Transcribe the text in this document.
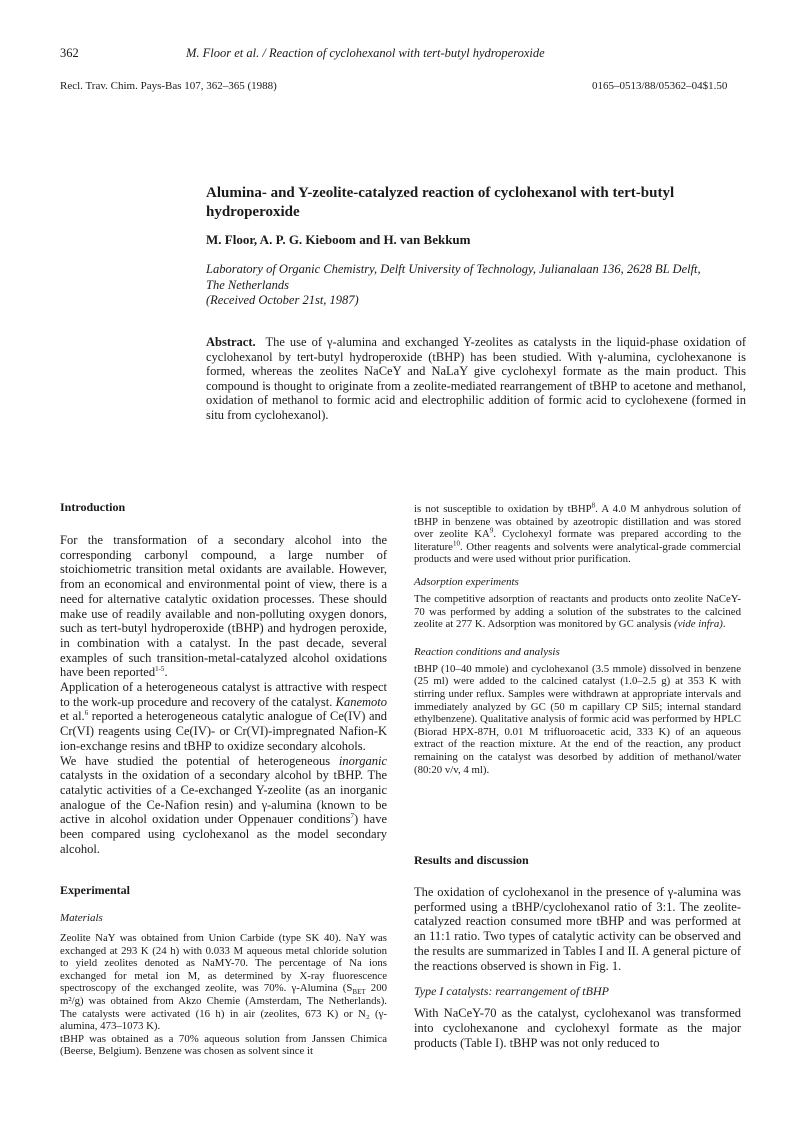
362	M. Floor et al. / Reaction of cyclohexanol with tert-butyl hydroperoxide
Recl. Trav. Chim. Pays-Bas 107, 362–365 (1988)	0165–0513/88/05362–04$1.50
Alumina- and Y-zeolite-catalyzed reaction of cyclohexanol with tert-butyl hydroperoxide
M. Floor, A. P. G. Kieboom and H. van Bekkum
Laboratory of Organic Chemistry, Delft University of Technology, Julianalaan 136, 2628 BL Delft,
The Netherlands
(Received October 21st, 1987)
Abstract. The use of γ-alumina and exchanged Y-zeolites as catalysts in the liquid-phase oxidation of cyclohexanol by tert-butyl hydroperoxide (tBHP) has been studied. With γ-alumina, cyclohexanone is formed, whereas the zeolites NaCeY and NaLaY give cyclohexyl formate as the main product. This compound is thought to originate from a zeolite-mediated rearrangement of tBHP to acetone and methanol, oxidation of methanol to formic acid and electrophilic addition of formic acid to cyclohexene (formed in situ from cyclohexanol).
Introduction

For the transformation of a secondary alcohol into the corresponding carbonyl compound, a large number of stoichiometric transition metal oxidants are available. However, from an economical and environmental point of view, there is a need for alternative catalytic oxidation processes. These should make use of readily available and non-polluting oxygen donors, such as tert-butyl hydroperoxide (tBHP) and hydrogen peroxide, in combination with a catalyst. In the past decade, several examples of such transition-metal-catalyzed alcohol oxidations have been reported$^{1-5}$.

Application of a heterogeneous catalyst is attractive with respect to the work-up procedure and recovery of the catalyst. Kanemoto et al.$^6$ reported a heterogeneous catalytic analogue of Ce(IV) and Cr(VI) reagents using Ce(IV)- or Cr(VI)-impregnated Nafion-K ion-exchange resins and tBHP to oxidize secondary alcohols.

We have studied the potential of heterogeneous inorganic catalysts in the oxidation of a secondary alcohol by tBHP. The catalytic activities of a Ce-exchanged Y-zeolite (as an inorganic analogue of the Ce-Nafion resin) and γ-alumina (known to be active in alcohol oxidation under Oppenauer conditions$^7$) have been compared using cyclohexanol as the model secondary alcohol.

Experimental
Materials

Zeolite NaY was obtained from Union Carbide (type SK 40). NaY was exchanged at 293 K (24 h) with 0.033 M aqueous metal chloride solution to yield zeolites denoted as NaMY-70. The percentage of Na ions exchanged for metal ion M, as determined by X-ray fluorescence spectroscopy of the exchanged zeolite, was 70%. γ-Alumina ($S_{BET}$ 200 m²/g) was obtained from Akzo Chemie (Amsterdam, The Netherlands). The catalysts were activated (16 h) in air (zeolites, 673 K) or N₂ (γ-alumina, 473–1073 K).

tBHP was obtained as a 70% aqueous solution from Janssen Chimica (Beerse, Belgium). Benzene was chosen as solvent since it

is not susceptible to oxidation by tBHP$^8$. A 4.0 M anhydrous solution of tBHP in benzene was obtained by azeotropic distillation and was stored over zeolite $KA^9$. Cyclohexyl formate was prepared according to the literature$^{10}$. Other reagents and solvents were analytical-grade commercial products and were used without prior purification.

Adsorption experiments

The competitive adsorption of reactants and products onto zeolite NaCeY-70 was performed by adding a solution of the substrates to the calcined zeolite at 277 K. Adsorption was monitored by GC analysis (vide infra).

Reaction conditions and analysis

tBHP (10–40 mmole) and cyclohexanol (3.5 mmole) dissolved in benzene (25 ml) were added to the calcined catalyst (1.0–2.5 g) at 353 K with stirring under reflux. Samples were withdrawn at appropriate intervals and immediately analyzed by GC (50 m capillary CP Sil5; internal standard ethylbenzene). Qualitative analysis of formic acid was performed by HPLC (Biorad HPX-87H, 0.01 M trifluoroacetic acid, 333 K) of an aqueous extract of the reaction mixture. At the end of the reaction, any product remaining on the catalyst was desorbed by addition of methanol/water (80:20 v/v, 4 ml).

Results and discussion

The oxidation of cyclohexanol in the presence of γ-alumina was performed using a tBHP/cyclohexanol ratio of 3:1. The zeolite-catalyzed reaction consumed more tBHP and was performed at an 11:1 ratio. Two types of catalytic activity can be observed and the results are summarized in Tables I and II. A general picture of the reactions observed is shown in Fig. 1.

Type I catalysts: rearrangement of tBHP

With NaCeY-70 as the catalyst, cyclohexanol was transformed into cyclohexanone and cyclohexyl formate as the major products (Table I). tBHP was not only reduced to
